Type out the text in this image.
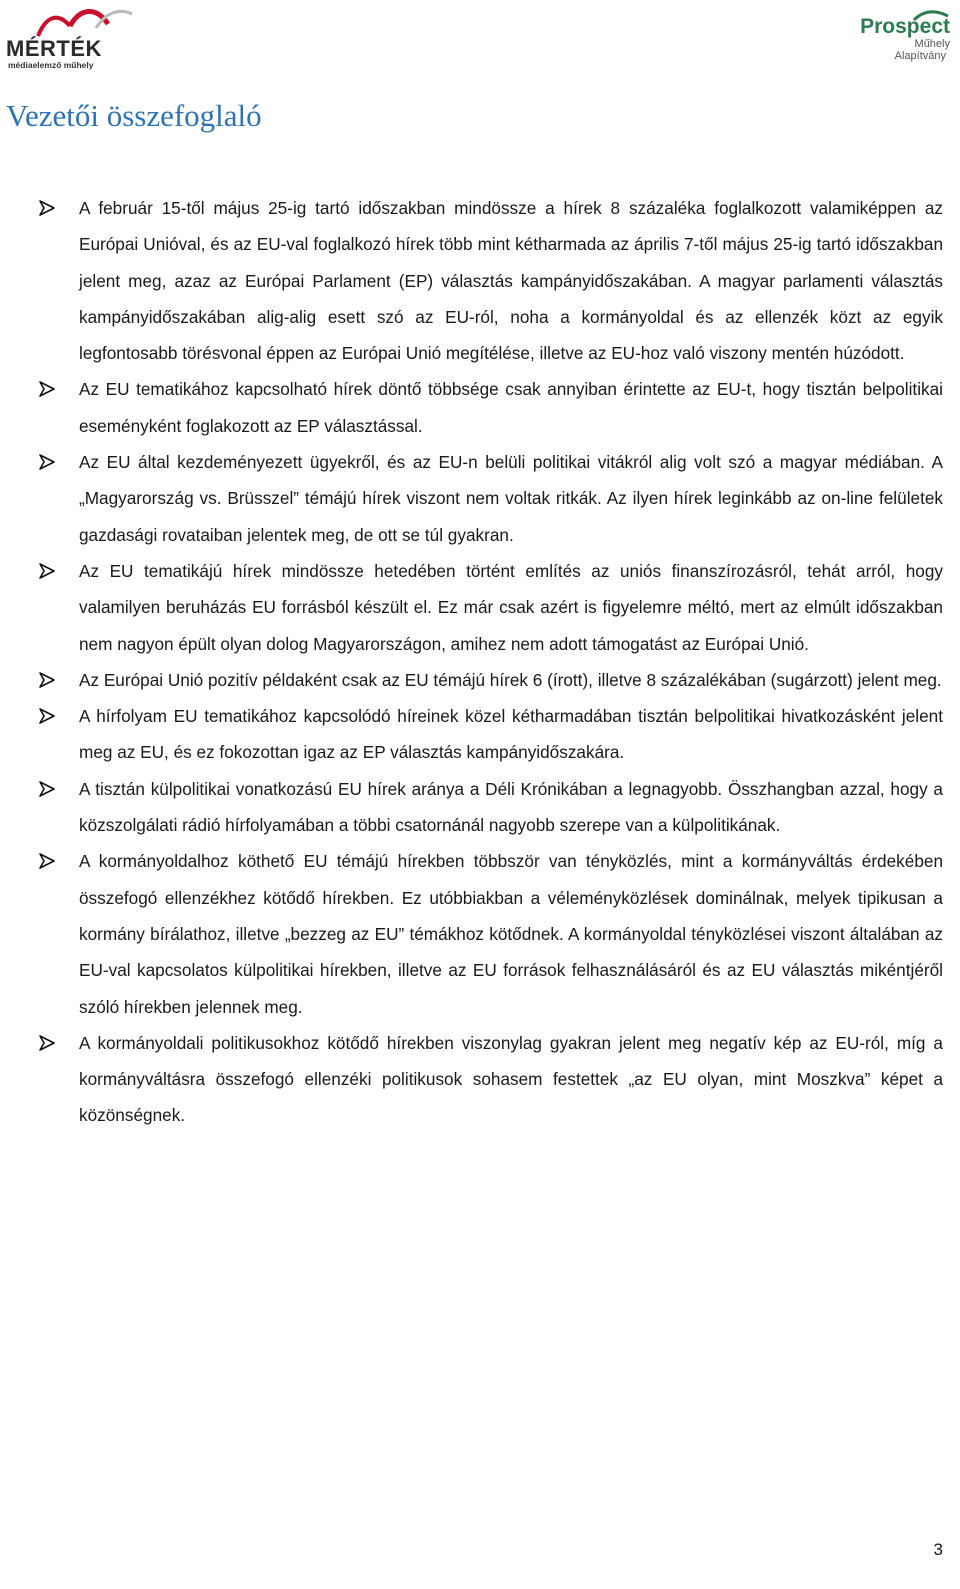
MÉRTÉK
médiaelemző műhely
Prospect
Műhely
Alapítvány
Vezetői összefoglaló
A február 15-től május 25-ig tartó időszakban mindössze a hírek 8 százaléka foglalkozott valamiképpen az Európai Unióval, és az EU-val foglalkozó hírek több mint kétharmada az április 7-től május 25-ig tartó időszakban jelent meg, azaz az Európai Parlament (EP) választás kampányidőszakában. A magyar parlamenti választás kampányidőszakában alig-alig esett szó az EU-ról, noha a kormányoldal és az ellenzék közt az egyik legfontosabb törésvonal éppen az Európai Unió megítélése, illetve az EU-hoz való viszony mentén húzódott.
Az EU tematikához kapcsolható hírek döntő többsége csak annyiban érintette az EU-t, hogy tisztán belpolitikai eseményként foglakozott az EP választással.
Az EU által kezdeményezett ügyekről, és az EU-n belüli politikai vitákról alig volt szó a magyar médiában. A „Magyarország vs. Brüsszel” témájú hírek viszont nem voltak ritkák. Az ilyen hírek leginkább az on-line felületek gazdasági rovataiban jelentek meg, de ott se túl gyakran.
Az EU tematikájú hírek mindössze hetedében történt említés az uniós finanszírozásról, tehát arról, hogy valamilyen beruházás EU forrásból készült el. Ez már csak azért is figyelemre méltó, mert az elmúlt időszakban nem nagyon épült olyan dolog Magyarországon, amihez nem adott támogatást az Európai Unió.
Az Európai Unió pozitív példaként csak az EU témájú hírek 6 (írott), illetve 8 százalékában (sugárzott) jelent meg.
A hírfolyam EU tematikához kapcsolódó híreinek közel kétharmadában tisztán belpolitikai hivatkozásként jelent meg az EU, és ez fokozottan igaz az EP választás kampányidőszakára.
A tisztán külpolitikai vonatkozású EU hírek aránya a Déli Krónikában a legnagyobb. Összhangban azzal, hogy a közszolgálati rádió hírfolyamában a többi csatornánál nagyobb szerepe van a külpolitikának.
A kormányoldalhoz köthető EU témájú hírekben többször van tényközlés, mint a kormányváltás érdekében összefogó ellenzékhez kötődő hírekben. Ez utóbbiakban a véleményközlések dominálnak, melyek tipikusan a kormány bírálathoz, illetve „bezzeg az EU” témákhoz kötődnek. A kormányoldal tényközlései viszont általában az EU-val kapcsolatos külpolitikai hírekben, illetve az EU források felhasználásáról és az EU választás mikéntjéről szóló hírekben jelennek meg.
A kormányoldali politikusokhoz kötődő hírekben viszonylag gyakran jelent meg negatív kép az EU-ról, míg a kormányváltásra összefogó ellenzéki politikusok sohasem festettek „az EU olyan, mint Moszkva” képet a közönségnek.
3
